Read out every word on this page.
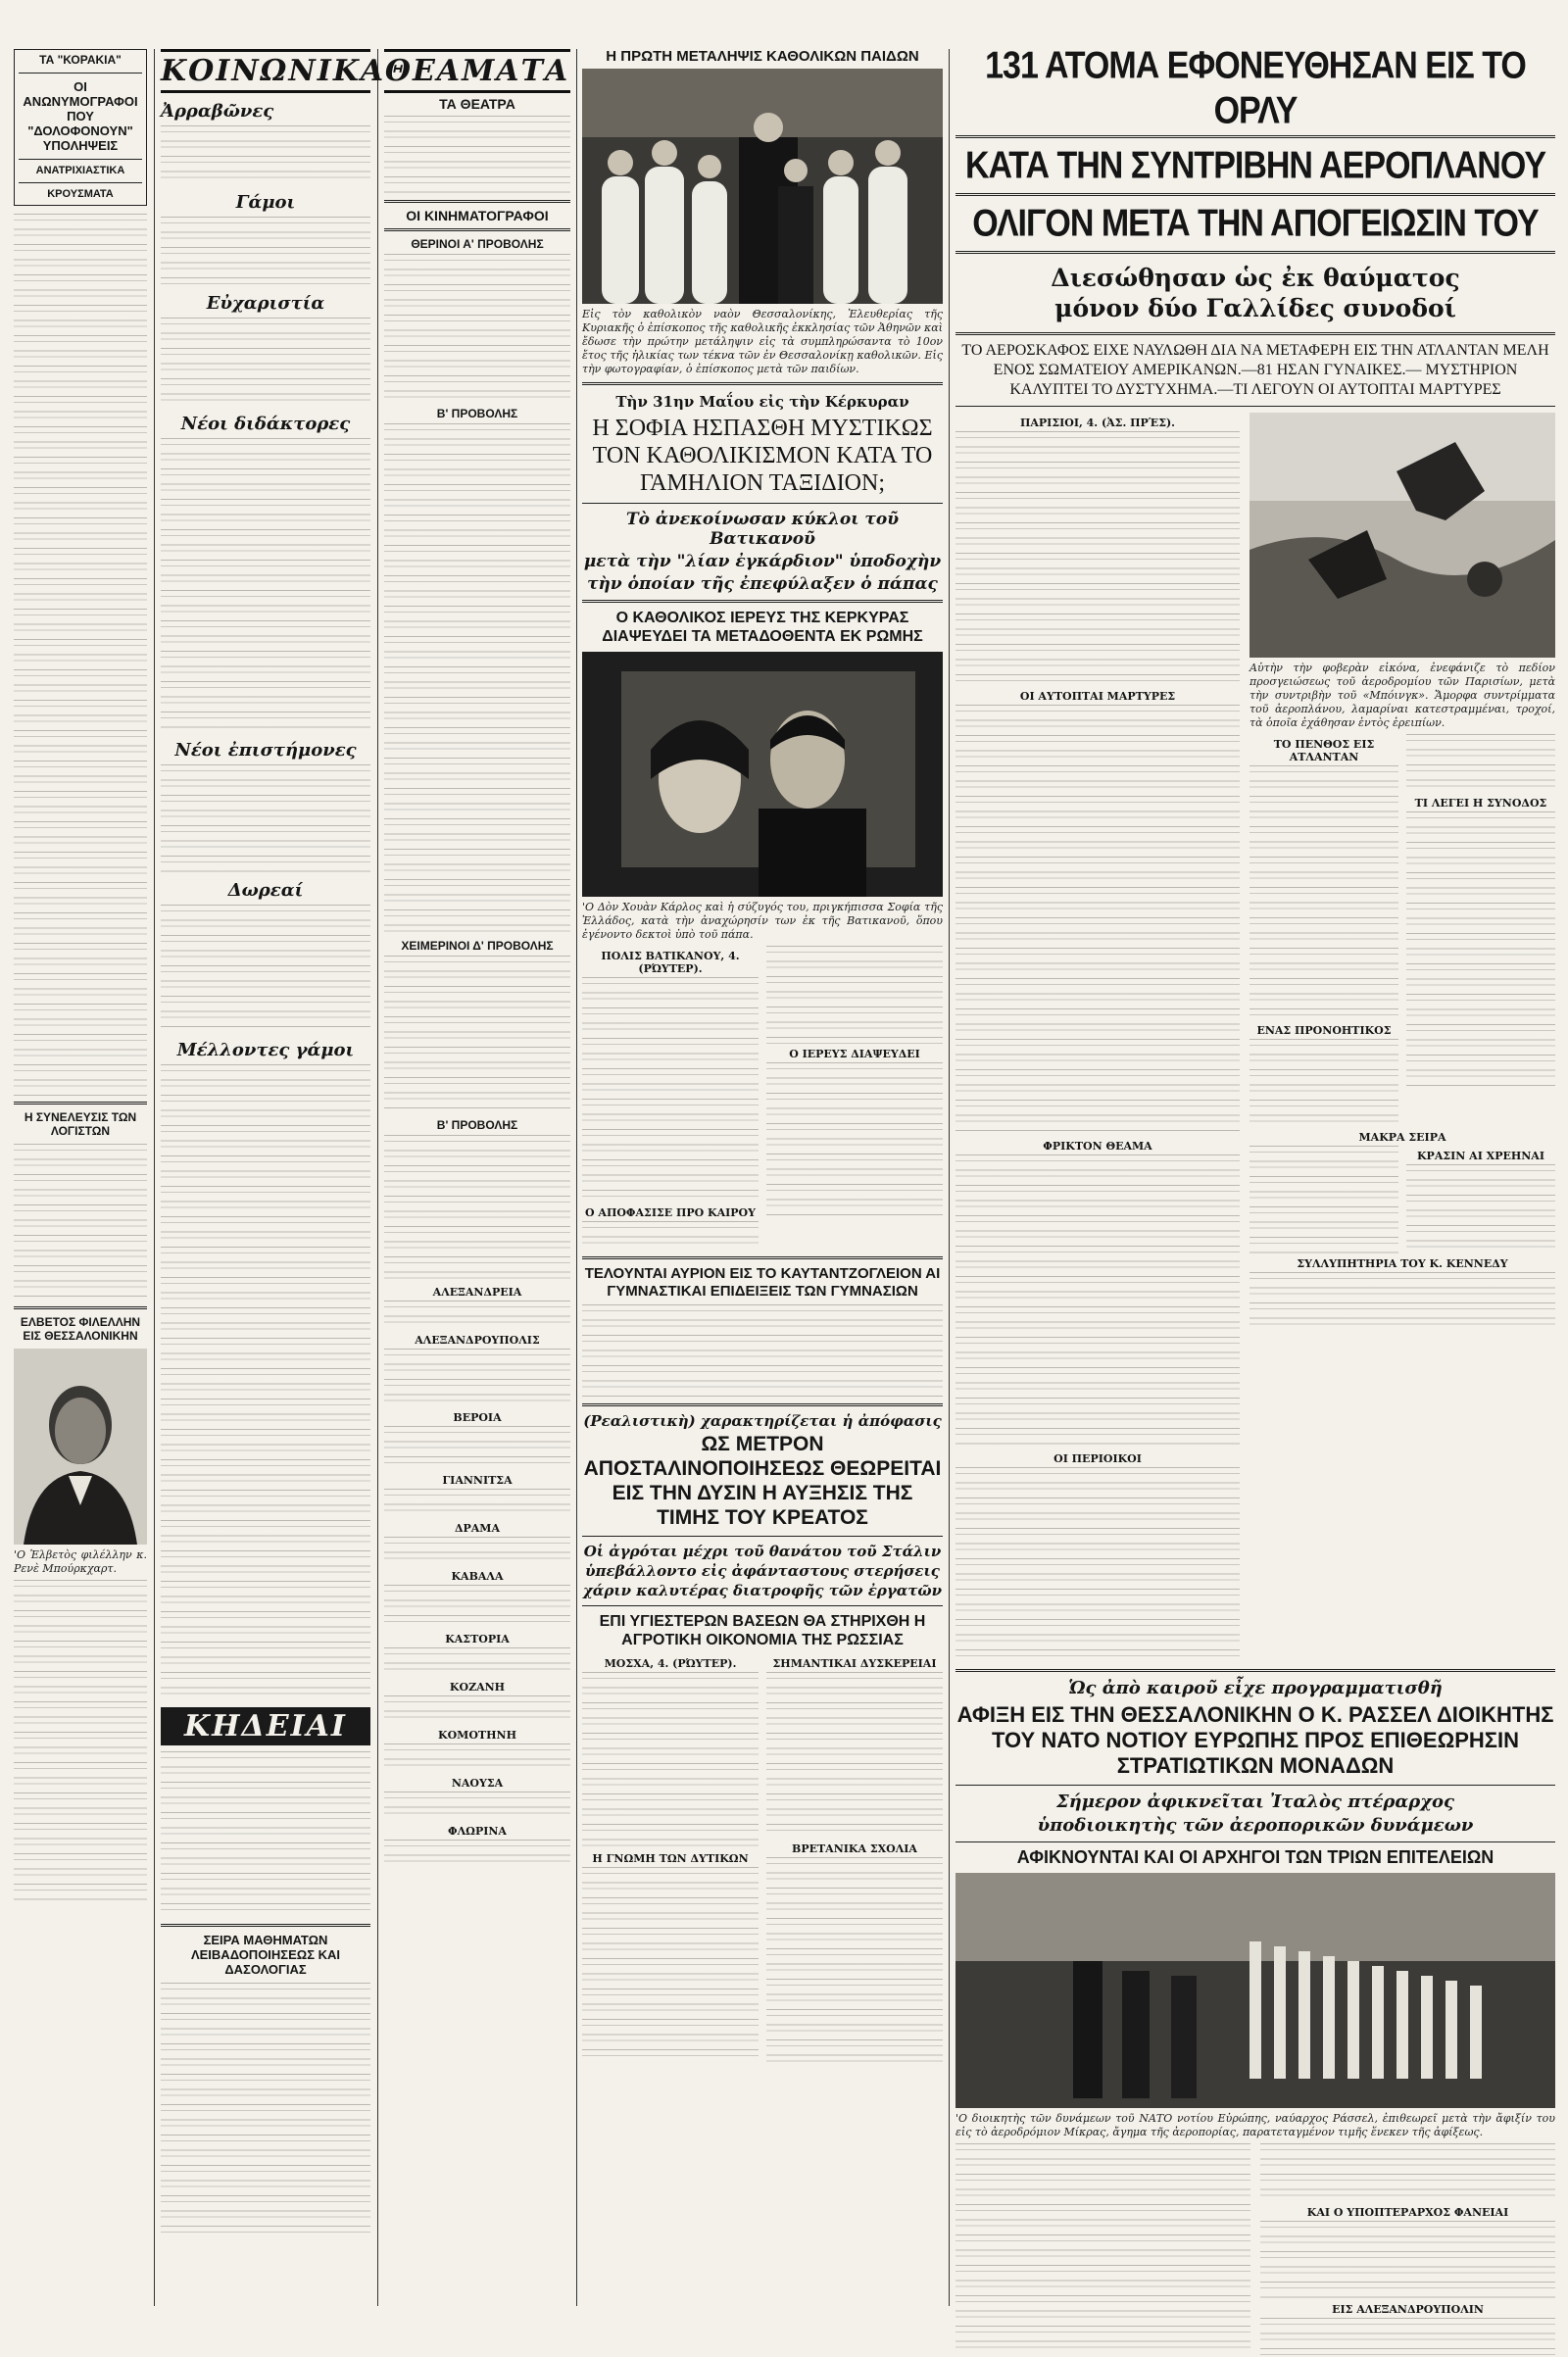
ΤΑ "ΚΟΡΑΚΙΑ"
ΟΙ ΑΝΩΝΥΜΟΓΡΑΦΟΙ ΠΟΥ "ΔΟΛΟΦΟΝΟΥΝ" ΥΠΟΛΗΨΕΙΣ
ΑΝΑΤΡΙΧΙΑΣΤΙΚΑ
ΚΡΟΥΣΜΑΤΑ
Η ΣΥΝΕΛΕΥΣΙΣ ΤΩΝ ΛΟΓΙΣΤΩΝ
ΕΛΒΕΤΟΣ ΦΙΛΕΛΛΗΝ ΕΙΣ ΘΕΣΣΑΛΟΝΙΚΗΝ
'Ο Ἑλβετὸς φιλέλλην κ. Ρενὲ Μπούρκχαρτ.
ΚΟΙΝΩΝΙΚΑ
Ἀρραβῶνες
Γάμοι
Εὐχαριστία
Νέοι διδάκτορες
Νέοι ἐπιστήμονες
Δωρεαί
Μέλλοντες γάμοι
ΚΗΔΕΙΑΙ
ΣΕΙΡΑ ΜΑΘΗΜΑΤΩΝ ΛΕΙΒΑΔΟΠΟΙΗΣΕΩΣ ΚΑΙ ΔΑΣΟΛΟΓΙΑΣ
ΘΕΑΜΑΤΑ
ΤΑ ΘΕΑΤΡΑ
ΟΙ ΚΙΝΗΜΑΤΟΓΡΑΦΟΙ
ΘΕΡΙΝΟΙ Α' ΠΡΟΒΟΛΗΣ
Β' ΠΡΟΒΟΛΗΣ
ΧΕΙΜΕΡΙΝΟΙ Δ' ΠΡΟΒΟΛΗΣ
Β' ΠΡΟΒΟΛΗΣ
ΑΛΕΞΑΝΔΡΕΙΑ
ΑΛΕΞΑΝΔΡΟΥΠΟΛΙΣ
ΒΕΡΟΙΑ
ΓΙΑΝΝΙΤΣΑ
ΔΡΑΜΑ
ΚΑΒΑΛΑ
ΚΑΣΤΟΡΙΑ
ΚΟΖΑΝΗ
ΚΟΜΟΤΗΝΗ
ΝΑΟΥΣΑ
ΦΛΩΡΙΝΑ
Η ΠΡΩΤΗ ΜΕΤΑΛΗΨΙΣ ΚΑΘΟΛΙΚΩΝ ΠΑΙΔΩΝ
Εἰς τὸν καθολικὸν ναὸν Θεσσαλονίκης, Ἐλευθερίας τῆς Κυριακῆς ὁ ἐπίσκοπος τῆς καθολικῆς ἐκκλησίας τῶν Ἀθηνῶν καὶ ἔδωσε τὴν πρώτην μετάληψιν εἰς τὰ συμπληρώσαντα τὸ 10ον ἔτος τῆς ἡλικίας των τέκνα τῶν ἐν Θεσσαλονίκῃ καθολικῶν. Εἰς τὴν φωτογραφίαν, ὁ ἐπίσκοπος μετὰ τῶν παιδίων.
Τὴν 31ην Μαΐου εἰς τὴν Κέρκυραν
Η ΣΟΦΙΑ ΗΣΠΑΣΘΗ ΜΥΣΤΙΚΩΣ ΤΟΝ ΚΑΘΟΛΙΚΙΣΜΟΝ ΚΑΤΑ ΤΟ ΓΑΜΗΛΙΟΝ ΤΑΞΙΔΙΟΝ;
Τὸ ἀνεκοίνωσαν κύκλοι τοῦ Βατικανοῦ
μετὰ τὴν "λίαν ἐγκάρδιον" ὑποδοχὴν
τὴν ὁποίαν τῆς ἐπεφύλαξεν ὁ πάπας
Ο ΚΑΘΟΛΙΚΟΣ ΙΕΡΕΥΣ ΤΗΣ ΚΕΡΚΥΡΑΣ ΔΙΑΨΕΥΔΕΙ ΤΑ ΜΕΤΑΔΟΘΕΝΤΑ ΕΚ ΡΩΜΗΣ
'Ο Δὸν Χουὰν Κάρλος καὶ ἡ σύζυγός του, πριγκήπισσα Σοφία τῆς Ἑλλάδος, κατὰ τὴν ἀναχώρησίν των ἐκ τῆς Βατικανοῦ, ὅπου ἐγένοντο δεκτοὶ ὑπὸ τοῦ πάπα.
ΠΟΛΙΣ ΒΑΤΙΚΑΝΟΥ, 4. (ΡΏΥΤΕΡ).
Ο ΑΠΟΦΑΣΙΣΕ ΠΡΟ ΚΑΙΡΟΥ
Ο ΙΕΡΕΥΣ ΔΙΑΨΕΥΔΕΙ
ΤΕΛΟΥΝΤΑΙ ΑΥΡΙΟΝ ΕΙΣ ΤΟ ΚΑΥΤΑΝΤΖΟΓΛΕΙΟΝ ΑΙ ΓΥΜΝΑΣΤΙΚΑΙ ΕΠΙΔΕΙΞΕΙΣ ΤΩΝ ΓΥΜΝΑΣΙΩΝ
(Ρεαλιστικὴ) χαρακτηρίζεται ἡ ἀπόφασις
ΩΣ ΜΕΤΡΟΝ ΑΠΟΣΤΑΛΙΝΟΠΟΙΗΣΕΩΣ ΘΕΩΡΕΙΤΑΙ ΕΙΣ ΤΗΝ ΔΥΣΙΝ Η ΑΥΞΗΣΙΣ ΤΗΣ ΤΙΜΗΣ ΤΟΥ ΚΡΕΑΤΟΣ
Οἱ ἀγρόται μέχρι τοῦ θανάτου τοῦ Στάλιν
ὑπεβάλλοντο εἰς ἀφάνταστους στερήσεις
χάριν καλυτέρας διατροφῆς τῶν ἐργατῶν
ΕΠΙ ΥΓΙΕΣΤΕΡΩΝ ΒΑΣΕΩΝ ΘΑ ΣΤΗΡΙΧΘΗ Η ΑΓΡΟΤΙΚΗ ΟΙΚΟΝΟΜΙΑ ΤΗΣ ΡΩΣΣΙΑΣ
ΜΟΣΧΑ, 4. (ΡΏΥΤΕΡ).
Η ΓΝΩΜΗ ΤΩΝ ΔΥΤΙΚΩΝ
ΣΗΜΑΝΤΙΚΑΙ ΔΥΣΚΕΡΕΙΑΙ
ΒΡΕΤΑΝΙΚΑ ΣΧΟΛΙΑ
131 ΑΤΟΜΑ ΕΦΟΝΕΥΘΗΣΑΝ ΕΙΣ ΤΟ ΟΡΛΥ
ΚΑΤΑ ΤΗΝ ΣΥΝΤΡΙΒΗΝ ΑΕΡΟΠΛΑΝΟΥ
ΟΛΙΓΟΝ ΜΕΤΑ ΤΗΝ ΑΠΟΓΕΙΩΣΙΝ ΤΟΥ
Διεσώθησαν ὡς ἐκ θαύματος
μόνον δύο Γαλλίδες συνοδοί
ΤΟ ΑΕΡΟΣΚΑΦΟΣ ΕΙΧΕ ΝΑΥΛΩΘΗ ΔΙΑ ΝΑ ΜΕΤΑΦΕΡΗ ΕΙΣ ΤΗΝ ΑΤΛΑΝΤΑΝ ΜΕΛΗ ΕΝΟΣ ΣΩΜΑΤΕΙΟΥ ΑΜΕΡΙΚΑΝΩΝ.—81 ΗΣΑΝ ΓΥΝΑΙΚΕΣ.— ΜΥΣΤΗΡΙΟΝ ΚΑΛΥΠΤΕΙ ΤΟ ΔΥΣΤΥΧΗΜΑ.—ΤΙ ΛΕΓΟΥΝ ΟΙ ΑΥΤΟΠΤΑΙ ΜΑΡΤΥΡΕΣ
ΠΑΡΙΣΙΟΙ, 4. (ἈΣ. ΠΡΈΣ).
ΟΙ ΑΥΤΟΠΤΑΙ ΜΑΡΤΥΡΕΣ
ΦΡΙΚΤΟΝ ΘΕΑΜΑ
ΟΙ ΠΕΡΙΟΙΚΟΙ
Αὐτὴν τὴν φοβερὰν εἰκόνα, ἐνεφάνιζε τὸ πεδίον προσγειώσεως τοῦ ἀεροδρομίου τῶν Παρισίων, μετὰ τὴν συντριβὴν τοῦ «Μπόινγκ». Ἄμορφα συντρίμματα τοῦ ἀεροπλάνου, λαμαρίναι κατεστραμμέναι, τροχοί, τὰ ὁποῖα ἐχάθησαν ἐντὸς ἐρειπίων.
ΤΟ ΠΕΝΘΟΣ ΕΙΣ ΑΤΛΑΝΤΑΝ
ΕΝΑΣ ΠΡΟΝΟΗΤΙΚΟΣ
ΤΙ ΛΕΓΕΙ Η ΣΥΝΟΔΟΣ
ΜΑΚΡΑ ΣΕΙΡΑ
ΚΡΑΣΙΝ ΑΙ ΧΡΕΗΝΑΙ
ΣΥΛΛΥΠΗΤΗΡΙΑ ΤΟΥ Κ. ΚΕΝΝΕΔΥ
Ὡς ἀπὸ καιροῦ εἶχε προγραμματισθῆ
ΑΦΙΞΗ ΕΙΣ ΤΗΝ ΘΕΣΣΑΛΟΝΙΚΗΝ Ο Κ. ΡΑΣΣΕΛ ΔΙΟΙΚΗΤΗΣ ΤΟΥ ΝΑΤΟ ΝΟΤΙΟΥ ΕΥΡΩΠΗΣ ΠΡΟΣ ΕΠΙΘΕΩΡΗΣΙΝ ΣΤΡΑΤΙΩΤΙΚΩΝ ΜΟΝΑΔΩΝ
Σήμερον ἀφικνεῖται Ἰταλὸς πτέραρχος
ὑποδιοικητὴς τῶν ἀεροπορικῶν δυνάμεων
ΑΦΙΚΝΟΥΝΤΑΙ ΚΑΙ ΟΙ ΑΡΧΗΓΟΙ ΤΩΝ ΤΡΙΩΝ ΕΠΙΤΕΛΕΙΩΝ
'Ο διοικητὴς τῶν δυνάμεων τοῦ ΝΑΤΟ νοτίου Εὐρώπης, ναύαρχος Ράσσελ, ἐπιθεωρεῖ μετὰ τὴν ἄφιξίν του εἰς τὸ ἀεροδρόμιον Μίκρας, ἄγημα τῆς ἀεροπορίας, παρατεταγμένον τιμῆς ἕνεκεν τῆς ἀφίξεως.
ΚΑΙ Ο ΥΠΟΠΤΕΡΑΡΧΟΣ ΦΑΝΕΙΑΙ
ΕΙΣ ΑΛΕΞΑΝΔΡΟΥΠΟΛΙΝ
